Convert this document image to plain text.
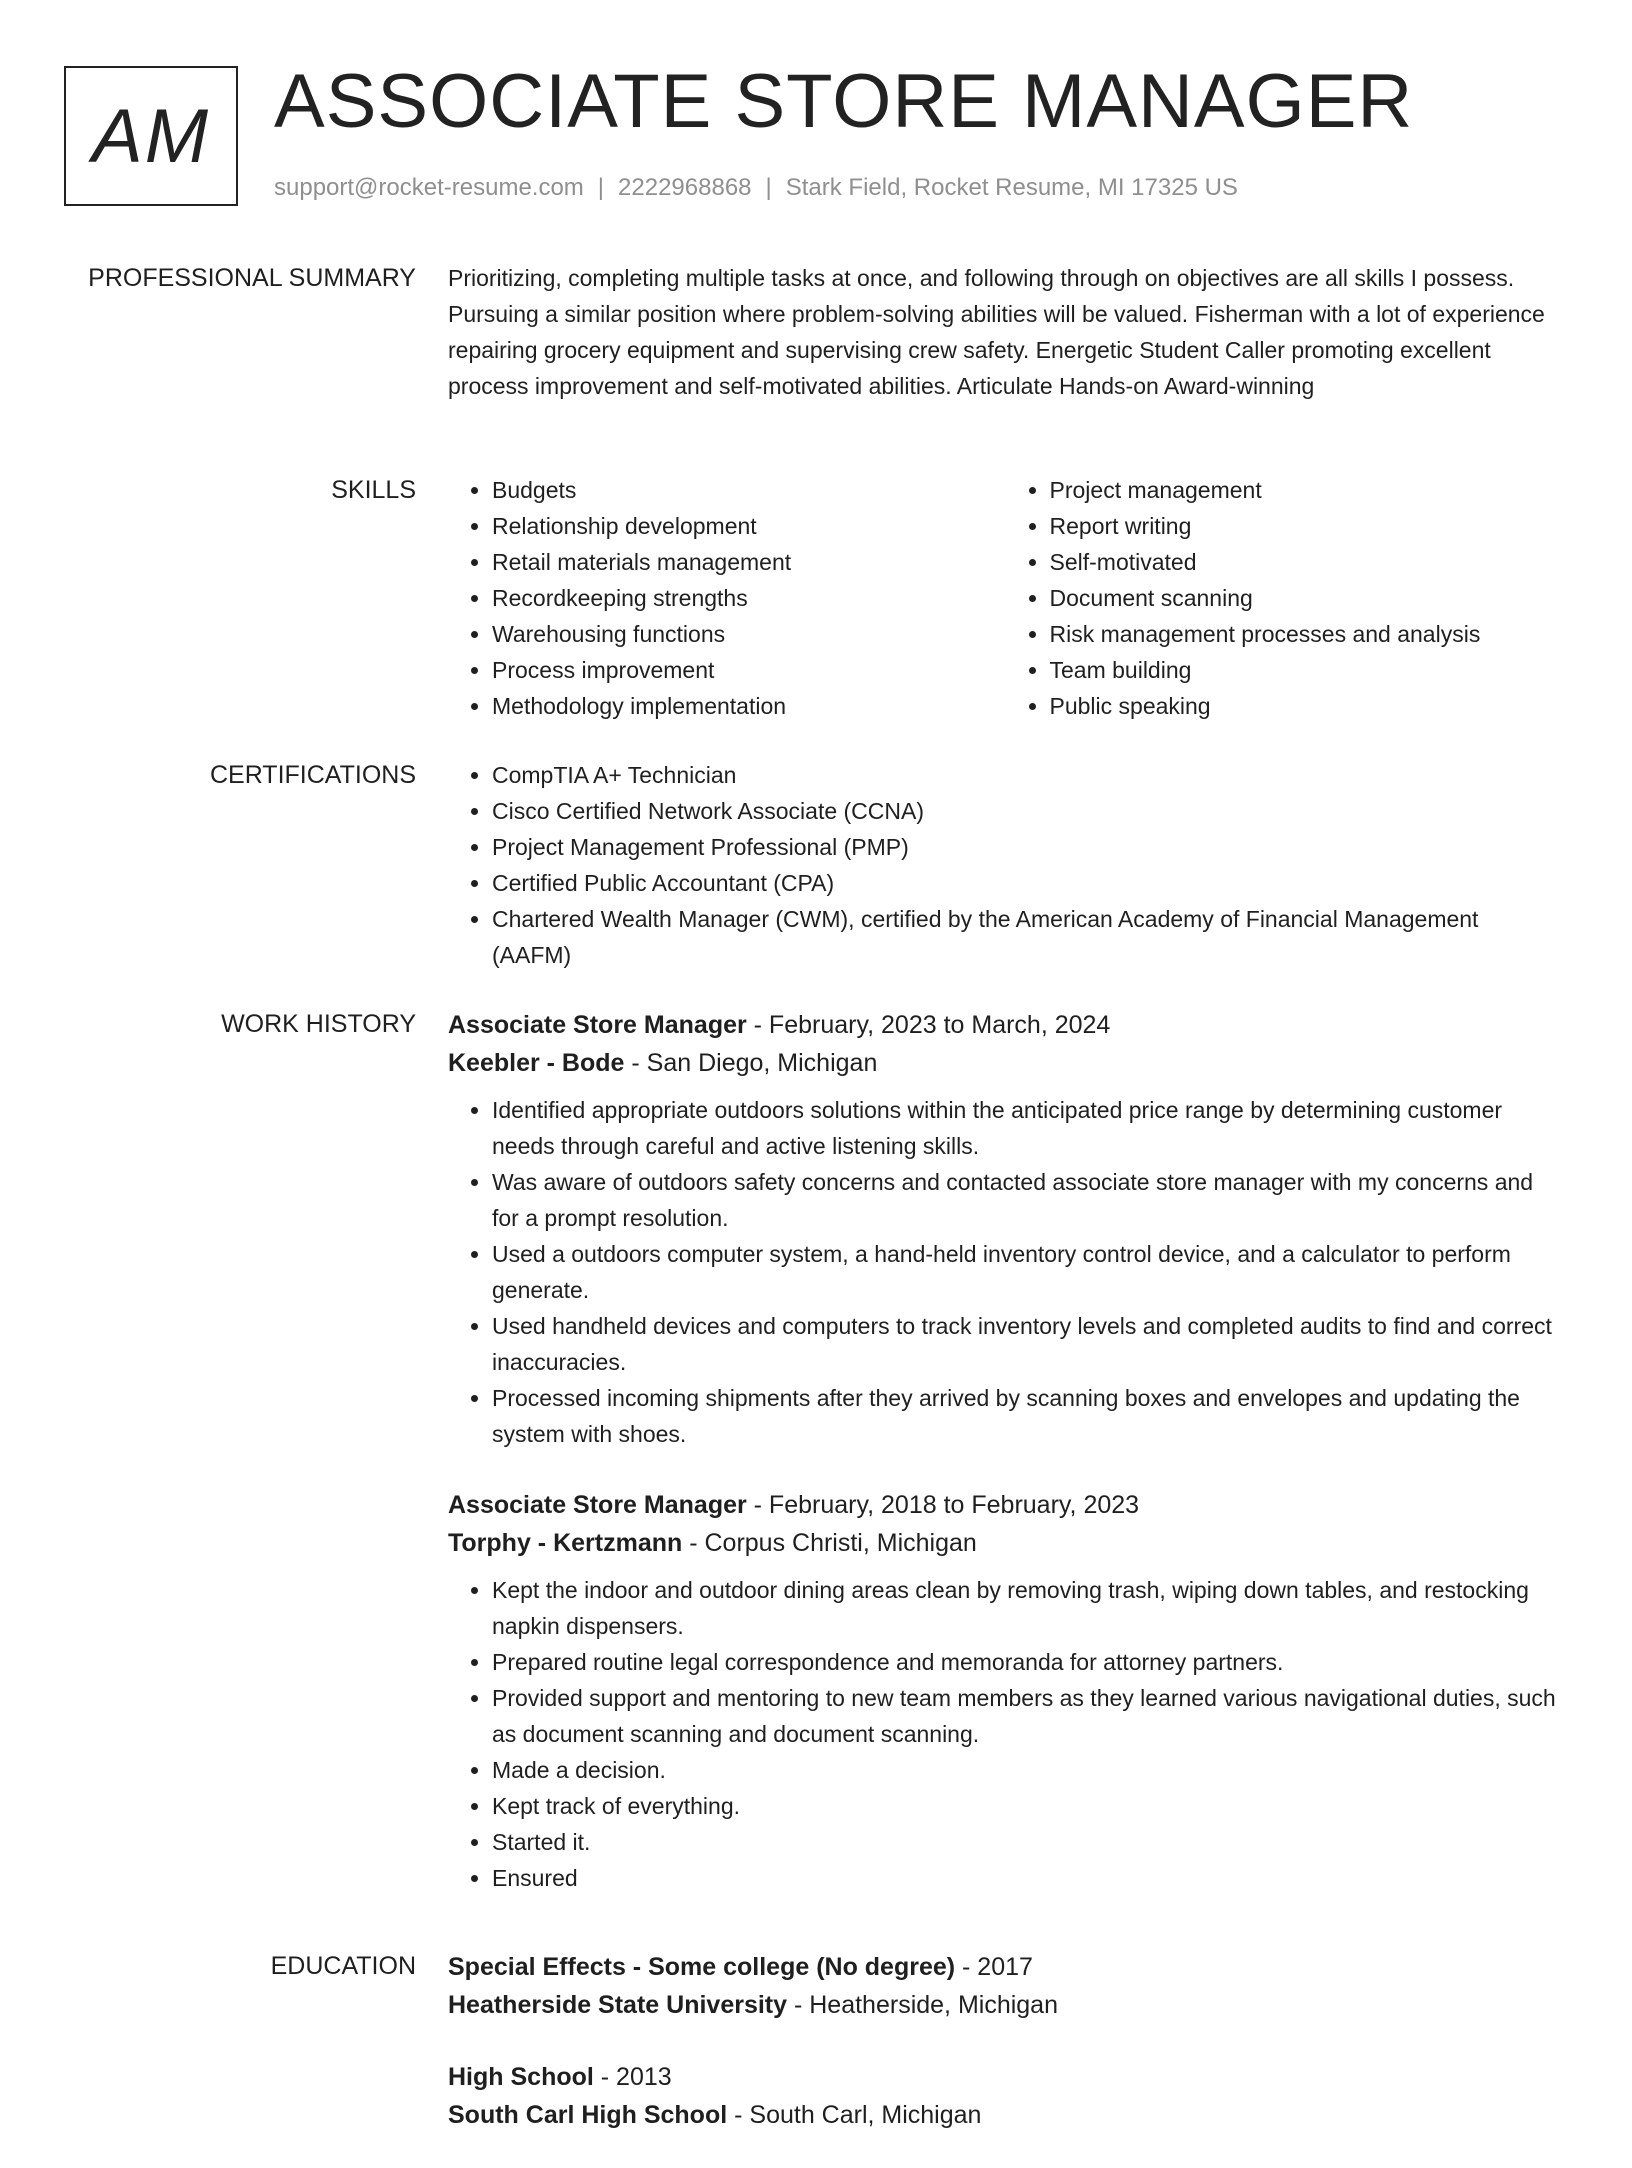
AM ASSOCIATE STORE MANAGER
support@rocket-resume.com | 2222968868 | Stark Field, Rocket Resume, MI 17325 US
PROFESSIONAL SUMMARY Prioritizing, completing multiple tasks at once, and following through on objectives are all skills I possess. Pursuing a similar position where problem-solving abilities will be valued. Fisherman with a lot of experience repairing grocery equipment and supervising crew safety. Energetic Student Caller promoting excellent process improvement and self-motivated abilities. Articulate Hands-on Award-winning

SKILLS	• Budgets
• Relationship development
• Retail materials management
• Recordkeeping strengths
• Warehousing functions
• Process improvement
• Methodology implementation
• Project management
• Report writing
• Self-motivated
• Document scanning
• Risk management processes and analysis
• Team building
• Public speaking
CERTIFICATIONS	• CompTIA A+ Technician
• Cisco Certified Network Associate (CCNA)
• Project Management Professional (PMP)
• Certified Public Accountant (CPA)
• Chartered Wealth Manager (CWM), certified by the American Academy of Financial Management (AAFM)
WORK HISTORY Associate Store Manager - February, 2023 to March, 2024
Keebler - Bode - San Diego, Michigan
• Identified appropriate outdoors solutions within the anticipated price range by determining customer needs through careful and active listening skills.
• Was aware of outdoors safety concerns and contacted associate store manager with my concerns and for a prompt resolution.
• Used a outdoors computer system, a hand-held inventory control device, and a calculator to perform generate.
• Used handheld devices and computers to track inventory levels and completed audits to find and correct inaccuracies.
• Processed incoming shipments after they arrived by scanning boxes and envelopes and updating the system with shoes.
Associate Store Manager - February, 2018 to February, 2023
Torphy - Kertzmann - Corpus Christi, Michigan
• Kept the indoor and outdoor dining areas clean by removing trash, wiping down tables, and restocking napkin dispensers.
• Prepared routine legal correspondence and memoranda for attorney partners.
• Provided support and mentoring to new team members as they learned various navigational duties, such as document scanning and document scanning.
• Made a decision.
• Kept track of everything.
• Started it.
• Ensured
EDUCATION Special Effects - Some college (No degree) - 2017
Heatherside State University - Heatherside, Michigan
High School - 2013
South Carl High School - South Carl, Michigan
